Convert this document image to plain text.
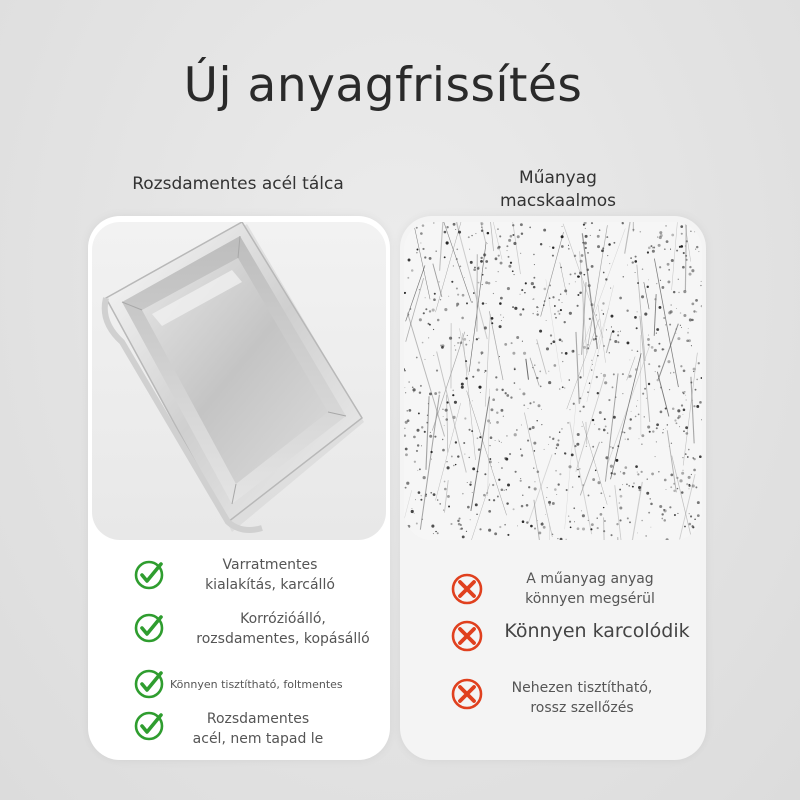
Új anyagfrissítés
Rozsdamentes acél tálca	Műanyag
macskaalmos
Varratmentes
kialakítás, karcálló
Korrózióálló,
rozsdamentes, kopásálló
Könnyen tisztítható, foltmentes
Rozsdamentes
acél, nem tapad le
A műanyag anyag
könnyen megsérül
Könnyen karcolódik
Nehezen tisztítható,
rossz szellőzés
